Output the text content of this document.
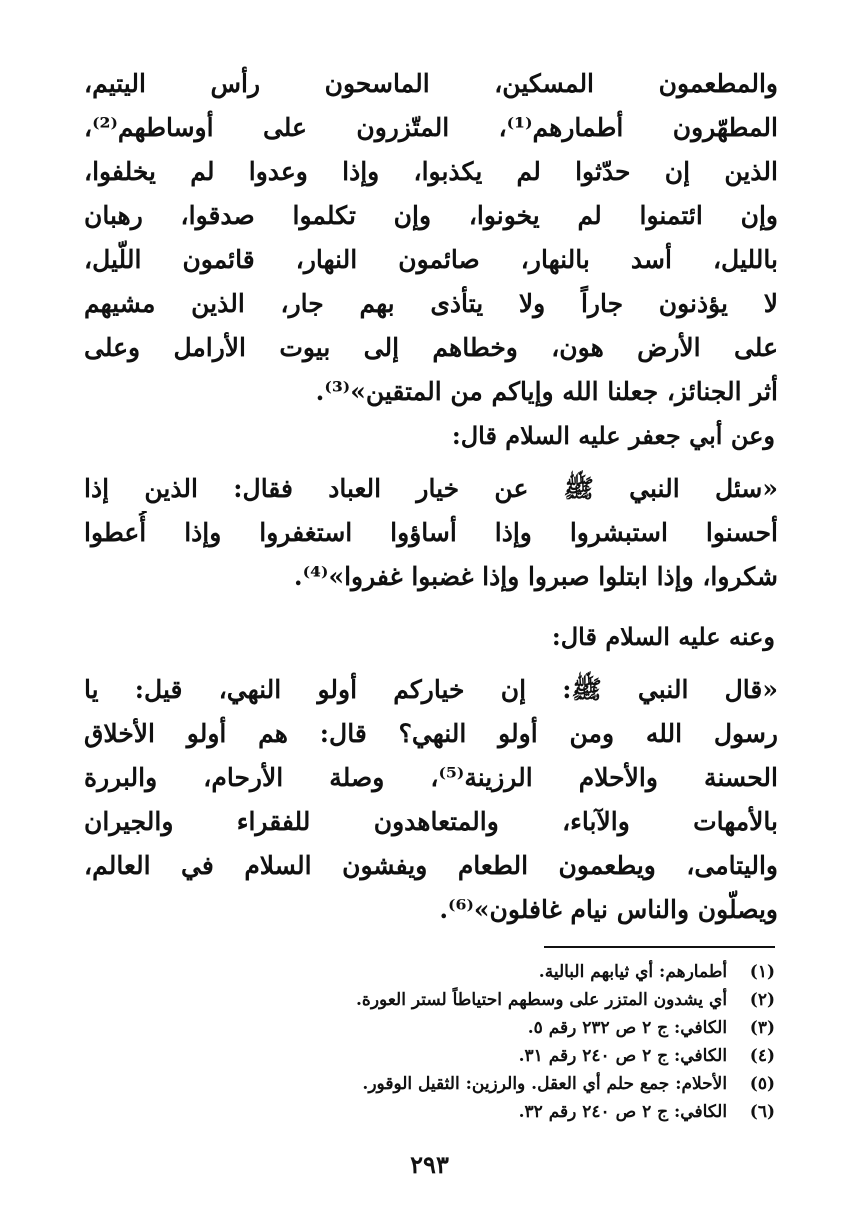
والمطعمون المسكين، الماسحون رأس اليتيم،
المطهّرون أطمارهم⁽¹⁾، المتّزرون على أوساطهم⁽²⁾،
الذين إن حدّثوا لم يكذبوا، وإذا وعدوا لم يخلفوا،
وإن ائتمنوا لم يخونوا، وإن تكلموا صدقوا، رهبان
بالليل، أسد بالنهار، صائمون النهار، قائمون اللّيل،
لا يؤذنون جاراً ولا يتأذى بهم جار، الذين مشيهم
على الأرض هون، وخطاهم إلى بيوت الأرامل وعلى
أثر الجنائز، جعلنا الله وإياكم من المتقين»⁽³⁾.
وعن أبي جعفر عليه السلام قال:
«سئل النبي ﷺ عن خيار العباد فقال: الذين إذا
أحسنوا استبشروا وإذا أساؤوا استغفروا وإذا أُعطوا
شكروا، وإذا ابتلوا صبروا وإذا غضبوا غفروا»⁽⁴⁾.
وعنه عليه السلام قال:
«قال النبي ﷺ: إن خياركم أولو النهي، قيل: يا
رسول الله ومن أولو النهي؟ قال: هم أولو الأخلاق
الحسنة والأحلام الرزينة⁽⁵⁾، وصلة الأرحام، والبررة
بالأمهات والآباء، والمتعاهدون للفقراء والجيران
واليتامى، ويطعمون الطعام ويفشون السلام في العالم،
ويصلّون والناس نيام غافلون»⁽⁶⁾.
(١) أطمارهم: أي ثيابهم البالية.
(٢) أي يشدون المتزر على وسطهم احتياطاً لستر العورة.
(٣) الكافي: ج ٢ ص ٢٣٢ رقم ٥.
(٤) الكافي: ج ٢ ص ٢٤٠ رقم ٣١.
(٥) الأحلام: جمع حلم أي العقل. والرزين: الثقيل الوقور.
(٦) الكافي: ج ٢ ص ٢٤٠ رقم ٣٢.
٢٩٣
